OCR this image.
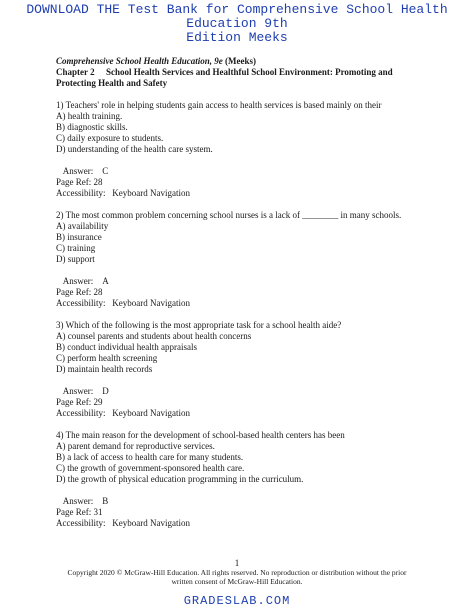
DOWNLOAD THE Test Bank for Comprehensive School Health Education 9th
Edition Meeks
Comprehensive School Health Education, 9e (Meeks)
Chapter 2 School Health Services and Healthful School Environment: Promoting and Protecting Health and Safety

1) Teachers' role in helping students gain access to health services is based mainly on their

A) health training.

B) diagnostic skills.

C) daily exposure to students.

D) understanding of the health care system.

Answer: C

Page Ref: 28

Accessibility: Keyboard Navigation

2) The most common problem concerning school nurses is a lack of ________ in many schools.

A) availability

B) insurance

C) training

D) support

Answer: A

Page Ref: 28

Accessibility: Keyboard Navigation

3) Which of the following is the most appropriate task for a school health aide?

A) counsel parents and students about health concerns

B) conduct individual health appraisals

C) perform health screening

D) maintain health records

Answer: D

Page Ref: 29

Accessibility: Keyboard Navigation

4) The main reason for the development of school-based health centers has been

A) parent demand for reproductive services.

B) a lack of access to health care for many students.

C) the growth of government-sponsored health care.

D) the growth of physical education programming in the curriculum.

Answer: B

Page Ref: 31

Accessibility: Keyboard Navigation

1
Copyright 2020 © McGraw-Hill Education. All rights reserved. No reproduction or distribution without the prior
written consent of McGraw-Hill Education.
GRADESLAB.COM
